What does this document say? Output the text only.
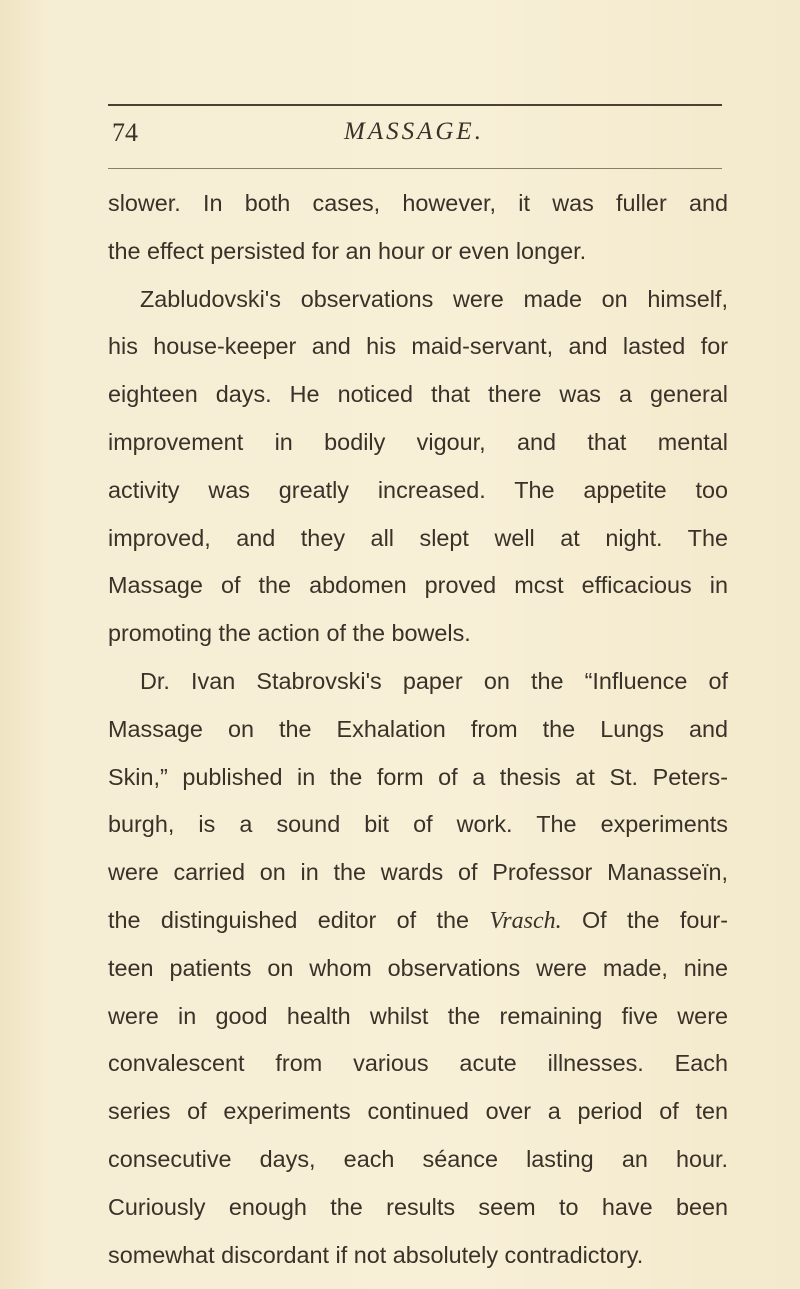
74	MASSAGE.
slower. In both cases, however, it was fuller and
the effect persisted for an hour or even longer.
Zabludovski's observations were made on himself,
his house-keeper and his maid-servant, and lasted for
eighteen days. He noticed that there was a general
improvement in bodily vigour, and that mental
activity was greatly increased. The appetite too
improved, and they all slept well at night. The
Massage of the abdomen proved mcst efficacious in
promoting the action of the bowels.
Dr. Ivan Stabrovski's paper on the “Influence of
Massage on the Exhalation from the Lungs and
Skin,” published in the form of a thesis at St. Peters-
burgh, is a sound bit of work. The experiments
were carried on in the wards of Professor Manasseïn,
the distinguished editor of the Vrasch. Of the four-
teen patients on whom observations were made, nine
were in good health whilst the remaining five were
convalescent from various acute illnesses. Each
series of experiments continued over a period of ten
consecutive days, each séance lasting an hour.
Curiously enough the results seem to have been
somewhat discordant if not absolutely contradictory.
